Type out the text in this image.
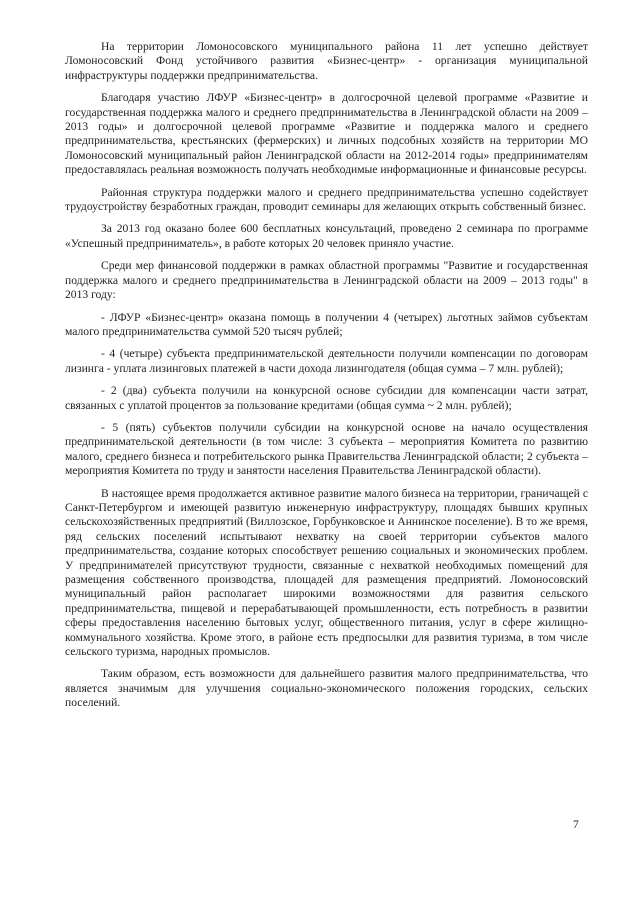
На территории Ломоносовского муниципального района 11 лет успешно действует Ломоносовский Фонд устойчивого развития «Бизнес-центр» - организация муниципальной инфраструктуры поддержки предпринимательства.

Благодаря участию ЛФУР «Бизнес-центр» в долгосрочной целевой программе «Развитие и государственная поддержка малого и среднего предпринимательства в Ленинградской области на 2009 – 2013 годы» и долгосрочной целевой программе «Развитие и поддержка малого и среднего предпринимательства, крестьянских (фермерских) и личных подсобных хозяйств на территории МО Ломоносовский муниципальный район Ленинградской области на 2012-2014 годы» предпринимателям предоставлялась реальная возможность получать необходимые информационные и финансовые ресурсы.

Районная структура поддержки малого и среднего предпринимательства успешно содействует трудоустройству безработных граждан, проводит семинары для желающих открыть собственный бизнес.

За 2013 год оказано более 600 бесплатных консультаций, проведено 2 семинара по программе «Успешный предприниматель», в работе которых 20 человек приняло участие.

Среди мер финансовой поддержки в рамках областной программы "Развитие и государственная поддержка малого и среднего предпринимательства в Ленинградской области на 2009 – 2013 годы" в 2013 году:

- ЛФУР «Бизнес-центр» оказана помощь в получении 4 (четырех) льготных займов субъектам малого предпринимательства суммой 520 тысяч рублей;

- 4 (четыре) субъекта предпринимательской деятельности получили компенсации по договорам лизинга - уплата лизинговых платежей в части дохода лизингодателя (общая сумма – 7 млн. рублей);

- 2 (два) субъекта получили на конкурсной основе субсидии для компенсации части затрат, связанных с уплатой процентов за пользование кредитами (общая сумма ~ 2 млн. рублей);

- 5 (пять) субъектов получили субсидии на конкурсной основе на начало осуществления предпринимательской деятельности (в том числе: 3 субъекта – мероприятия Комитета по развитию малого, среднего бизнеса и потребительского рынка Правительства Ленинградской области; 2 субъекта – мероприятия Комитета по труду и занятости населения Правительства Ленинградской области).

В настоящее время продолжается активное развитие малого бизнеса на территории, граничащей с Санкт-Петербургом и имеющей развитую инженерную инфраструктуру, площадях бывших крупных сельскохозяйственных предприятий (Виллозское, Горбунковское и Аннинское поселение). В то же время, ряд сельских поселений испытывают нехватку на своей территории субъектов малого предпринимательства, создание которых способствует решению социальных и экономических проблем. У предпринимателей присутствуют трудности, связанные с нехваткой необходимых помещений для размещения собственного производства, площадей для размещения предприятий. Ломоносовский муниципальный район располагает широкими возможностями для развития сельского предпринимательства, пищевой и перерабатывающей промышленности, есть потребность в развитии сферы предоставления населению бытовых услуг, общественного питания, услуг в сфере жилищно-коммунального хозяйства. Кроме этого, в районе есть предпосылки для развития туризма, в том числе сельского туризма, народных промыслов.

Таким образом, есть возможности для дальнейшего развития малого предпринимательства, что является значимым для улучшения социально-экономического положения городских, сельских поселений.

7
